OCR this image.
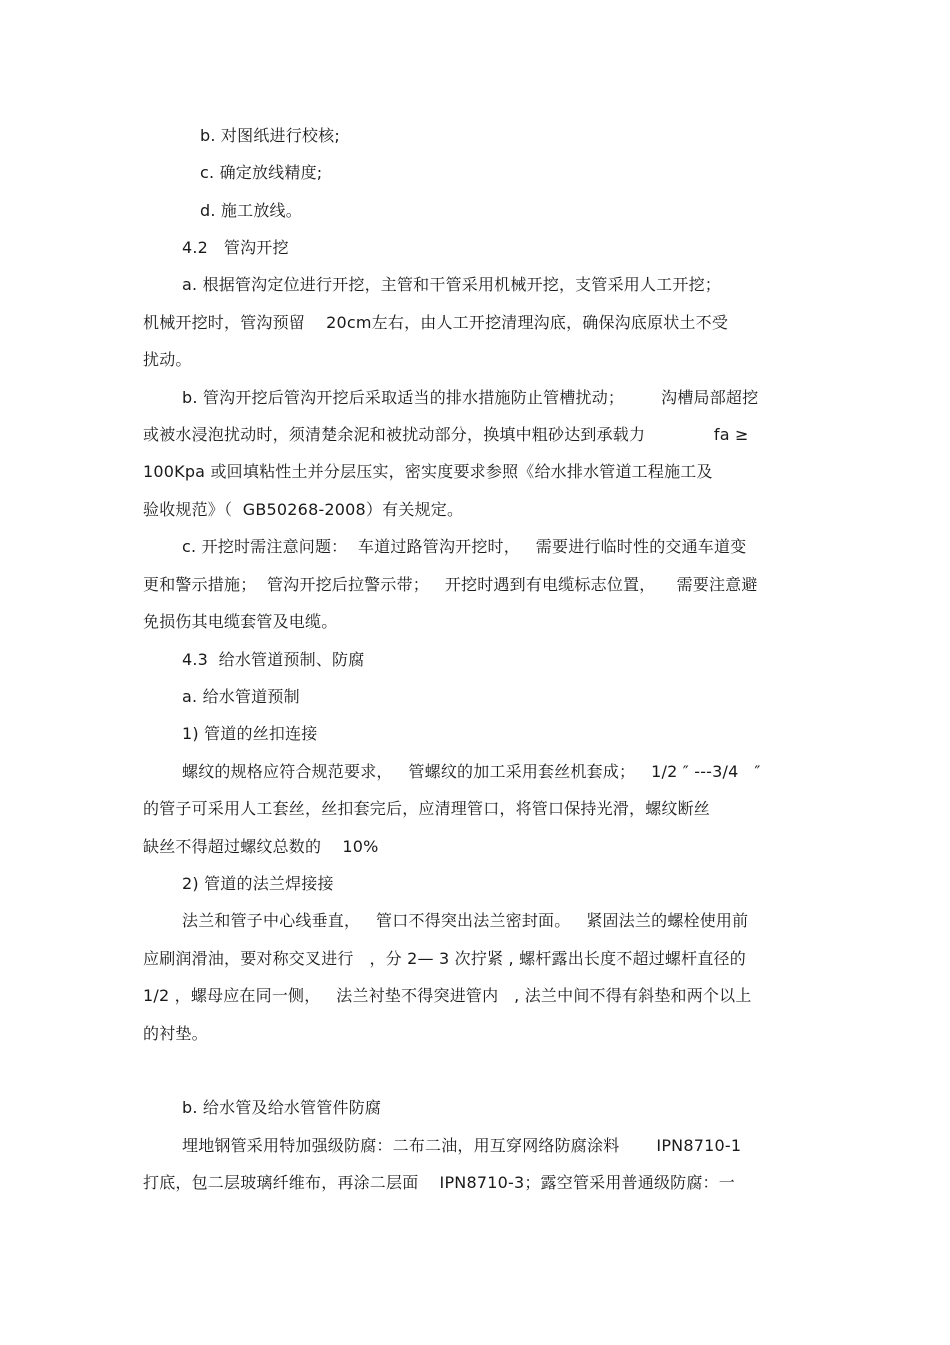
b. 对图纸进行校核;
c. 确定放线精度;
d. 施工放线。
4.2   管沟开挖
a. 根据管沟定位进行开挖，主管和干管采用机械开挖，支管采用人工开挖；
机械开挖时，管沟预留    20cm左右，由人工开挖清理沟底，确保沟底原状土不受
扰动。
b. 管沟开挖后管沟开挖后采取适当的排水措施防止管槽扰动；       沟槽局部超挖
或被水浸泡扰动时，须清楚余泥和被扰动部分，换填中粗砂达到承载力             fa ≥
100Kpa 或回填粘性土并分层压实，密实度要求参照《给水排水管道工程施工及
验收规范》（  GB50268-2008）有关规定。
c. 开挖时需注意问题：  车道过路管沟开挖时，   需要进行临时性的交通车道变
更和警示措施；  管沟开挖后拉警示带；   开挖时遇到有电缆标志位置，    需要注意避
免损伤其电缆套管及电缆。
4.3  给水管道预制、防腐
a. 给水管道预制
1) 管道的丝扣连接
螺纹的规格应符合规范要求，   管螺纹的加工采用套丝机套成；   1/2 ″ ---3/4   ″
的管子可采用人工套丝，丝扣套完后，应清理管口，将管口保持光滑，螺纹断丝
缺丝不得超过螺纹总数的    10%
2) 管道的法兰焊接接
法兰和管子中心线垂直，   管口不得突出法兰密封面。   紧固法兰的螺栓使用前
应刷润滑油，要对称交叉进行   ，分 2— 3 次拧紧 , 螺杆露出长度不超过螺杆直径的
1/2 ，螺母应在同一侧，   法兰衬垫不得突进管内   , 法兰中间不得有斜垫和两个以上
的衬垫。
b. 给水管及给水管管件防腐
埋地钢管采用特加强级防腐：二布二油，用互穿网络防腐涂料       IPN8710-1
打底，包二层玻璃纤维布，再涂二层面    IPN8710-3；露空管采用普通级防腐：一
